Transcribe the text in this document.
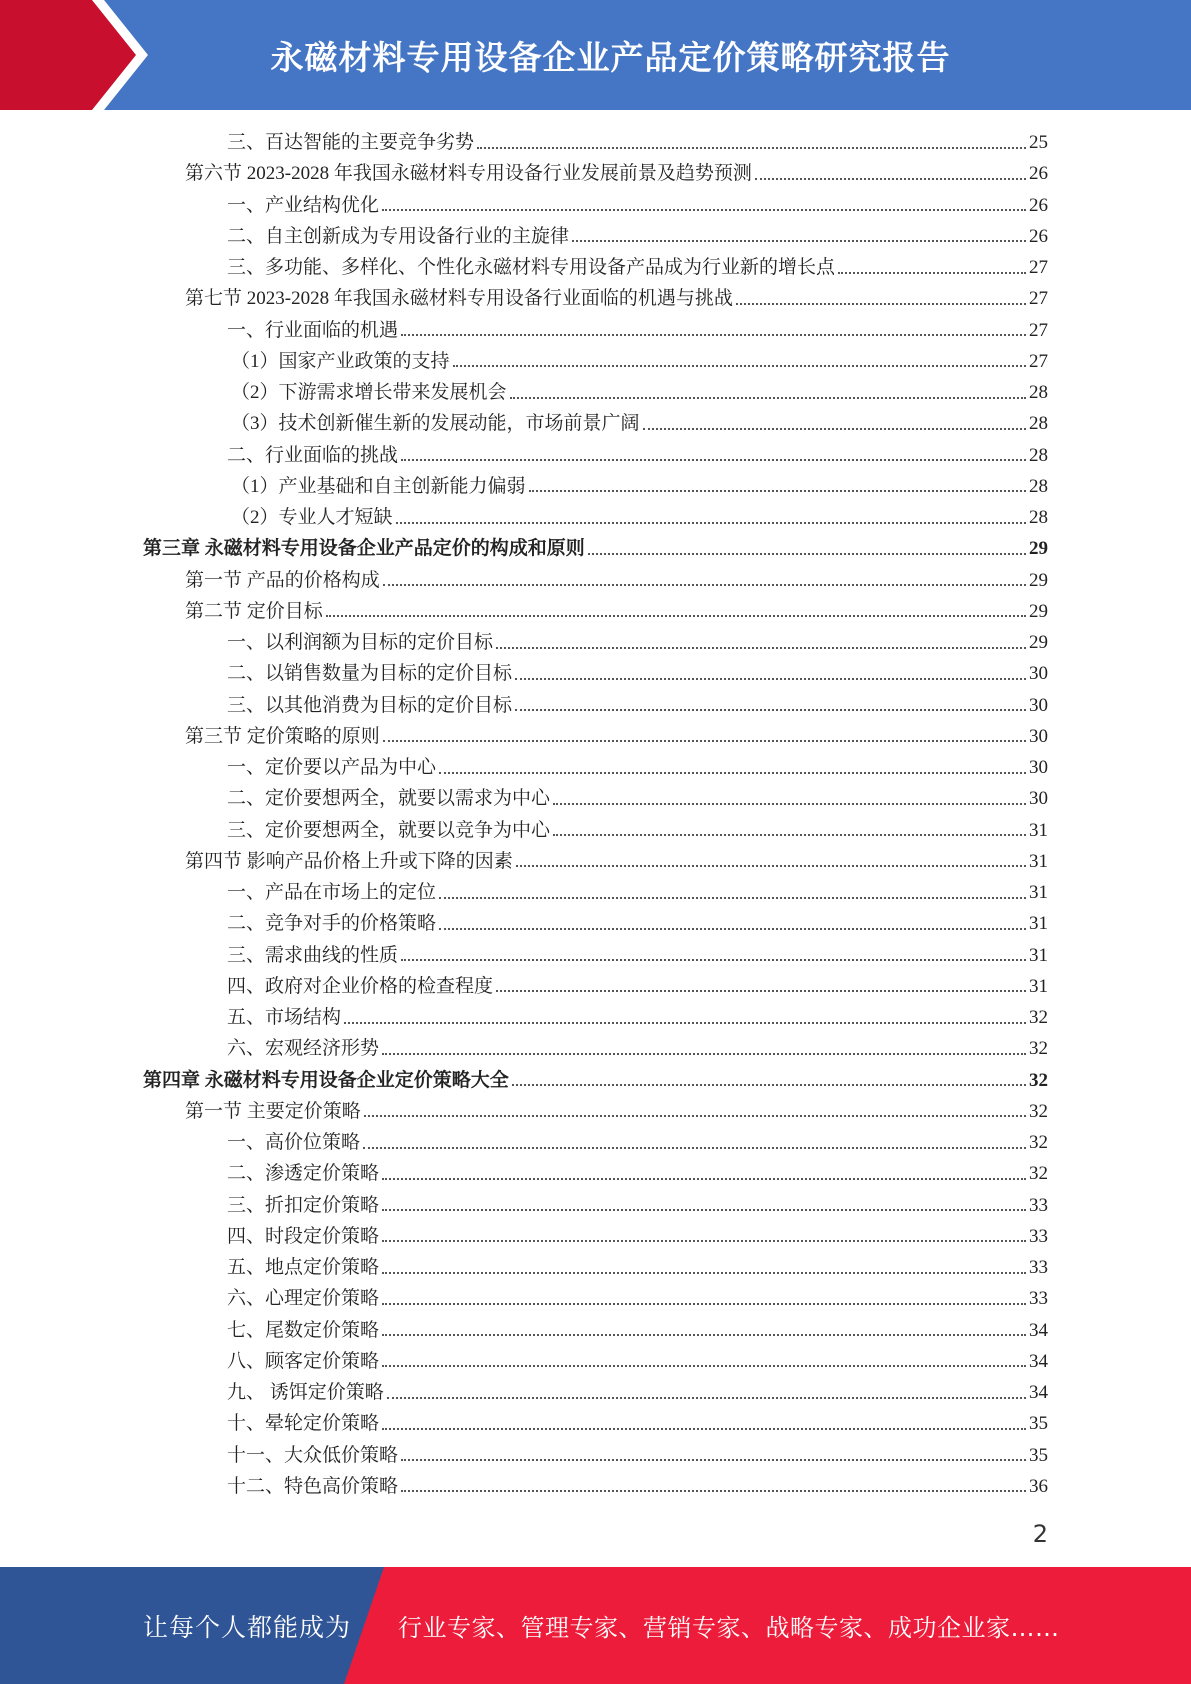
永磁材料专用设备企业产品定价策略研究报告
三、百达智能的主要竞争劣势	25
第六节 2023-2028 年我国永磁材料专用设备行业发展前景及趋势预测	26
一、产业结构优化	26
二、自主创新成为专用设备行业的主旋律	26
三、多功能、多样化、个性化永磁材料专用设备产品成为行业新的增长点	27
第七节 2023-2028 年我国永磁材料专用设备行业面临的机遇与挑战	27
一、行业面临的机遇	27
（1）国家产业政策的支持	27
（2）下游需求增长带来发展机会	28
（3）技术创新催生新的发展动能，市场前景广阔	28
二、行业面临的挑战	28
（1）产业基础和自主创新能力偏弱	28
（2）专业人才短缺	28
第三章 永磁材料专用设备企业产品定价的构成和原则	29
第一节 产品的价格构成	29
第二节 定价目标	29
一、以利润额为目标的定价目标	29
二、以销售数量为目标的定价目标	30
三、以其他消费为目标的定价目标	30
第三节 定价策略的原则	30
一、定价要以产品为中心	30
二、定价要想两全，就要以需求为中心	30
三、定价要想两全，就要以竞争为中心	31
第四节 影响产品价格上升或下降的因素	31
一、产品在市场上的定位	31
二、竞争对手的价格策略	31
三、需求曲线的性质	31
四、政府对企业价格的检查程度	31
五、市场结构	32
六、宏观经济形势	32
第四章 永磁材料专用设备企业定价策略大全	32
第一节 主要定价策略	32
一、高价位策略	32
二、渗透定价策略	32
三、折扣定价策略	33
四、时段定价策略	33
五、地点定价策略	33
六、心理定价策略	33
七、尾数定价策略	34
八、顾客定价策略	34
九、 诱饵定价策略	34
十、晕轮定价策略	35
十一、大众低价策略	35
十二、特色高价策略	36
2
让每个人都能成为 行业专家、管理专家、营销专家、战略专家、成功企业家……
